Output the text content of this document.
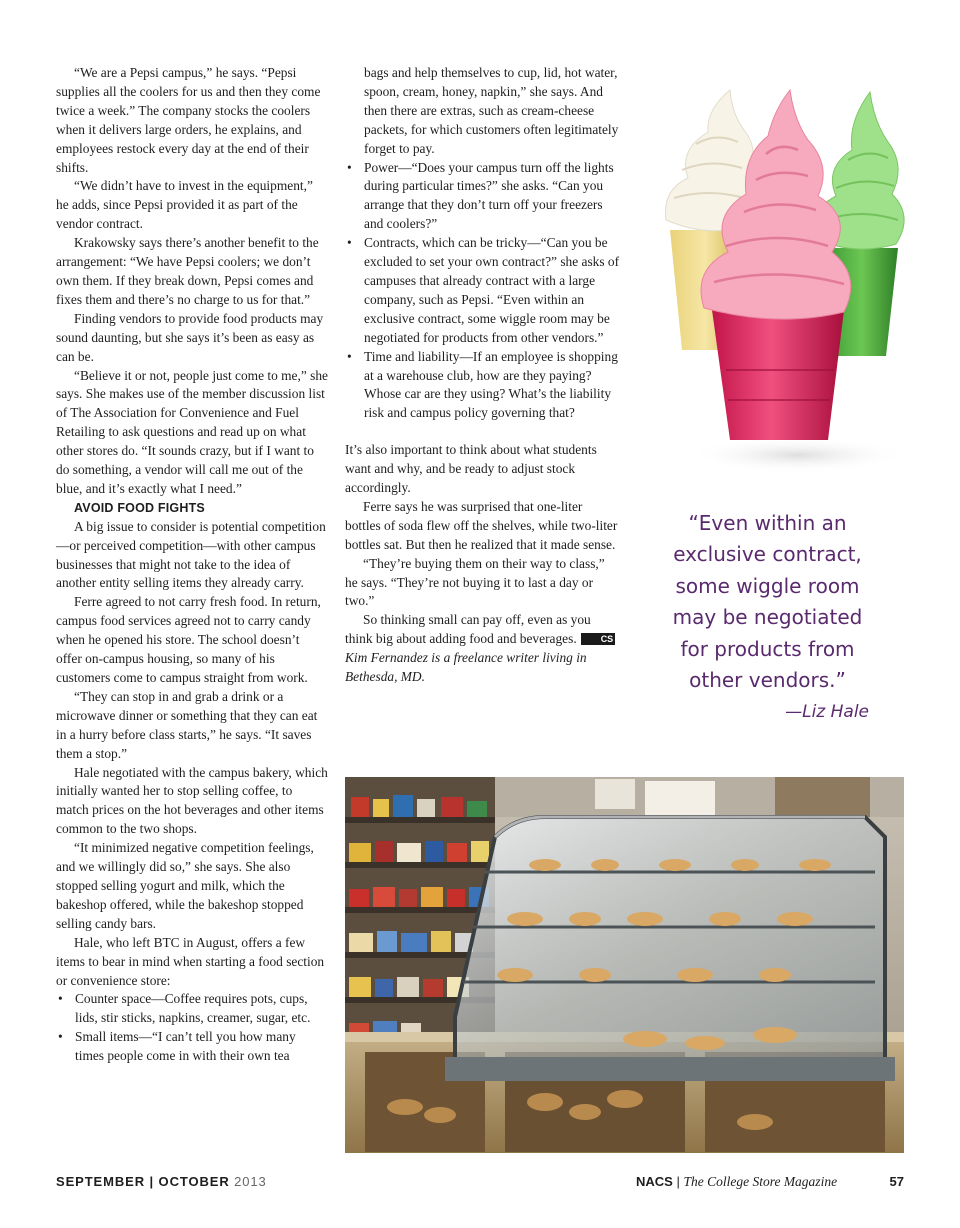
“We are a Pepsi campus,” he says. “Pepsi supplies all the coolers for us and then they come twice a week.” The company stocks the coolers when it delivers large orders, he explains, and employees restock every day at the end of their shifts.

“We didn’t have to invest in the equipment,” he adds, since Pepsi provided it as part of the vendor contract.

Krakowsky says there’s another benefit to the arrangement: “We have Pepsi coolers; we don’t own them. If they break down, Pepsi comes and fixes them and there’s no charge to us for that.”

Finding vendors to provide food products may sound daunting, but she says it’s been as easy as can be.

“Believe it or not, people just come to me,” she says. She makes use of the member discussion list of The Association for Convenience and Fuel Retailing to ask questions and read up on what other stores do. “It sounds crazy, but if I want to do something, a vendor will call me out of the blue, and it’s exactly what I need.”

AVOID FOOD FIGHTS

A big issue to consider is potential competition—or perceived competition—with other campus businesses that might not take to the idea of another entity selling items they already carry.

Ferre agreed to not carry fresh food. In return, campus food services agreed not to carry candy when he opened his store. The school doesn’t offer on-campus housing, so many of his customers come to campus straight from work.

“They can stop in and grab a drink or a microwave dinner or something that they can eat in a hurry before class starts,” he says. “It saves them a stop.”

Hale negotiated with the campus bakery, which initially wanted her to stop selling coffee, to match prices on the hot beverages and other items common to the two shops.

“It minimized negative competition feelings, and we willingly did so,” she says. She also stopped selling yogurt and milk, which the bakeshop offered, while the bakeshop stopped selling candy bars.

Hale, who left BTC in August, offers a few items to bear in mind when starting a food section or convenience store:

• Counter space—Coffee requires pots, cups, lids, stir sticks, napkins, creamer, sugar, etc.
• Small items—“I can’t tell you how many times people come in with their own tea

bags and help themselves to cup, lid, hot water, spoon, cream, honey, napkin,” she says. And then there are extras, such as cream-cheese packets, for which customers often legitimately forget to pay.

• Power—“Does your campus turn off the lights during particular times?” she asks. “Can you arrange that they don’t turn off your freezers and coolers?”
• Contracts, which can be tricky—“Can you be excluded to set your own contract?” she asks of campuses that already contract with a large company, such as Pepsi. “Even within an exclusive contract, some wiggle room may be negotiated for products from other vendors.”
• Time and liability—If an employee is shopping at a warehouse club, how are they paying? Whose car are they using? What’s the liability risk and campus policy governing that?

It’s also important to think about what students want and why, and be ready to adjust stock accordingly.

Ferre says he was surprised that one-liter bottles of soda flew off the shelves, while two-liter bottles sat. But then he realized that it made sense.

“They’re buying them on their way to class,” he says. “They’re not buying it to last a day or two.”

So thinking small can pay off, even as you think big about adding food and beverages.	CS

Kim Fernandez is a freelance writer living in Bethesda, MD.

“Even within an exclusive contract, some wiggle room may be negotiated for products from other vendors.”
—Liz Hale
SEPTEMBER | OCTOBER 2013	NACS | The College Store Magazine	57
